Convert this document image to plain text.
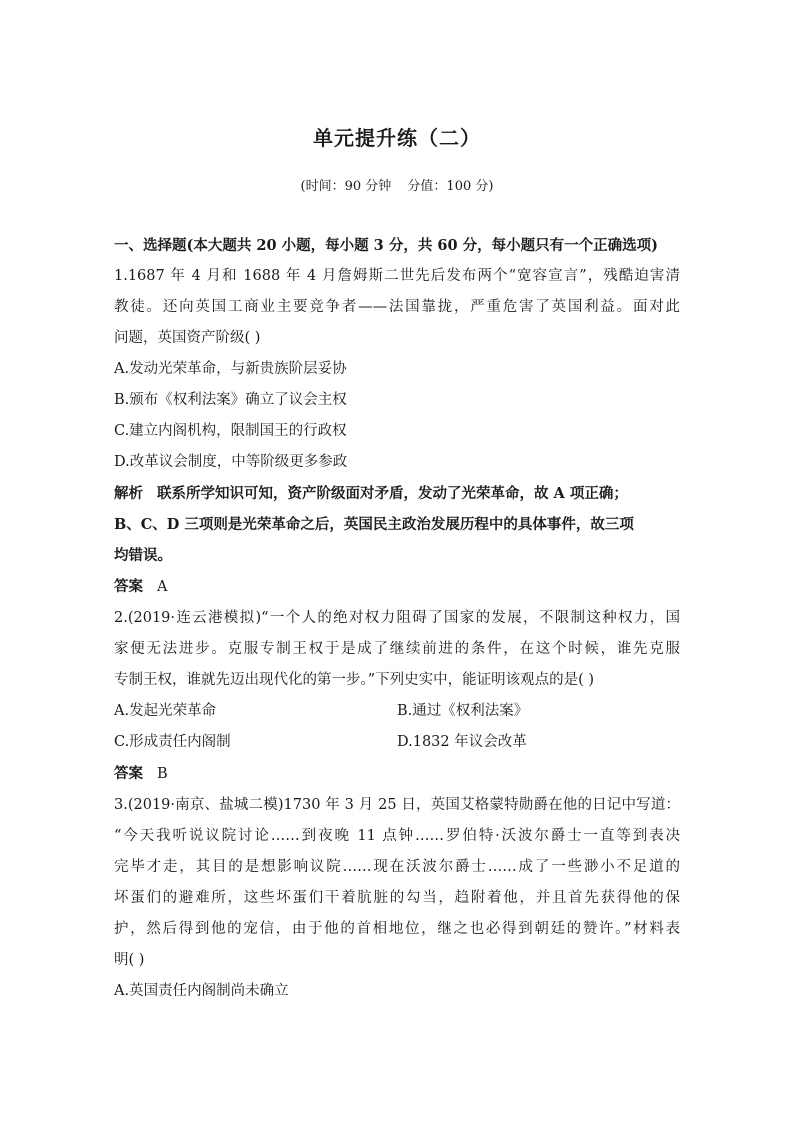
单元提升练（二）
(时间：90 分钟 分值：100 分)
一、选择题(本大题共 20 小题，每小题 3 分，共 60 分，每小题只有一个正确选项)
1.1687 年 4 月和 1688 年 4 月詹姆斯二世先后发布两个“宽容宣言”，残酷迫害清
教徒。还向英国工商业主要竞争者——法国靠拢，严重危害了英国利益。面对此
问题，英国资产阶级( )
A.发动光荣革命，与新贵族阶层妥协
B.颁布《权利法案》确立了议会主权
C.建立内阁机构，限制国王的行政权
D.改革议会制度，中等阶级更多参政
解析 联系所学知识可知，资产阶级面对矛盾，发动了光荣革命，故 A 项正确；
B、C、D 三项则是光荣革命之后，英国民主政治发展历程中的具体事件，故三项
均错误。
答案 A
2.(2019·连云港模拟)“一个人的绝对权力阻碍了国家的发展，不限制这种权力，国
家便无法进步。克服专制王权于是成了继续前进的条件，在这个时候，谁先克服
专制王权，谁就先迈出现代化的第一步。”下列史实中，能证明该观点的是( )
A.发起光荣革命	B.通过《权利法案》
C.形成责任内阁制	D.1832 年议会改革
答案 B
3.(2019·南京、盐城二模)1730 年 3 月 25 日，英国艾格蒙特勋爵在他的日记中写道：
“今天我听说议院讨论……到夜晚 11 点钟……罗伯特·沃波尔爵士一直等到表决
完毕才走，其目的是想影响议院……现在沃波尔爵士……成了一些渺小不足道的
坏蛋们的避难所，这些坏蛋们干着肮脏的勾当，趋附着他，并且首先获得他的保
护，然后得到他的宠信，由于他的首相地位，继之也必得到朝廷的赞许。”材料表
明( )
A.英国责任内阁制尚未确立
